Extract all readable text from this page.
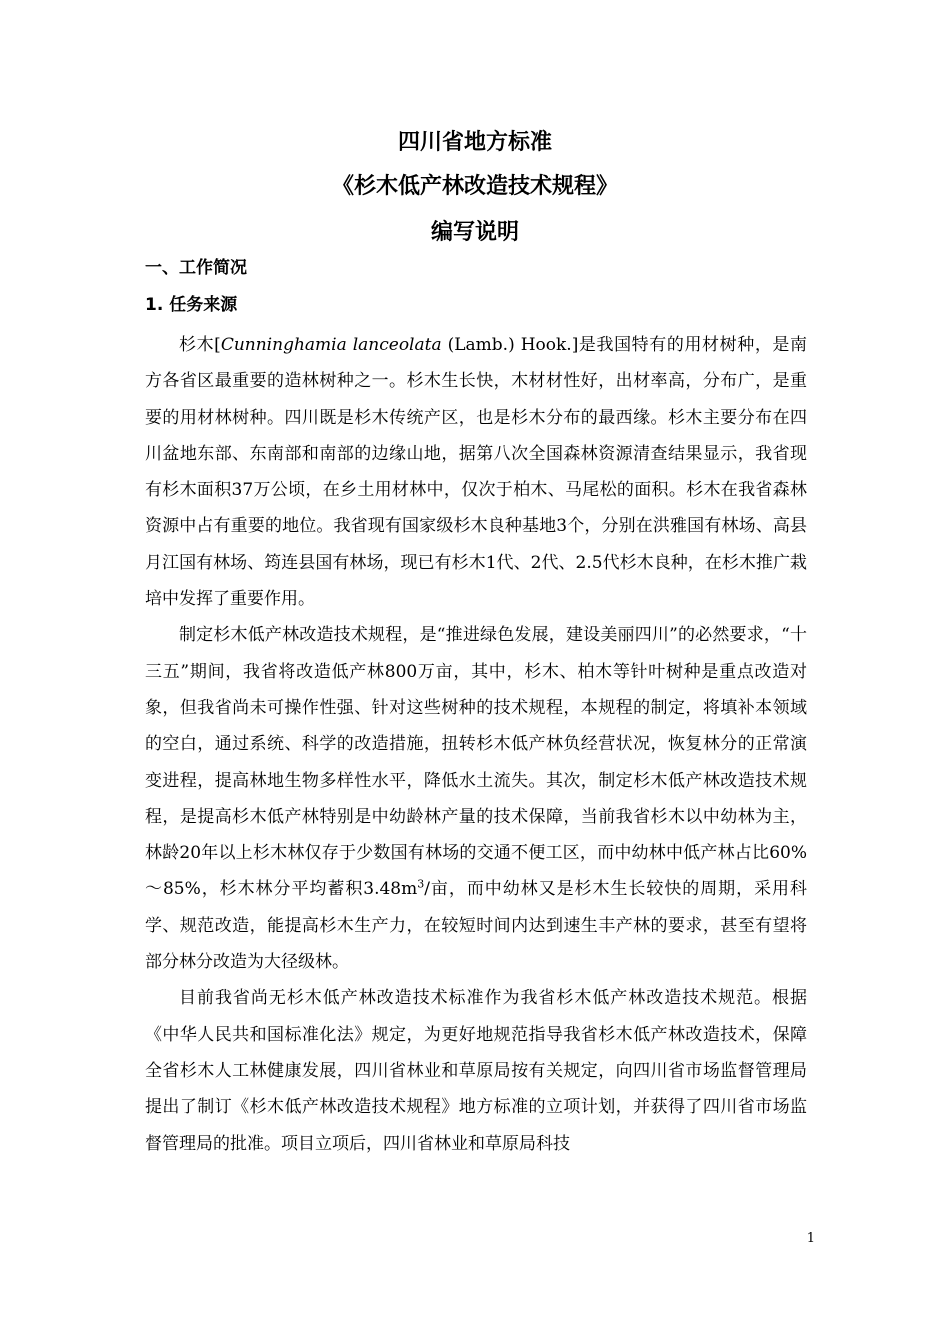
四川省地方标准
《杉木低产林改造技术规程》
编写说明
一、工作简况
1. 任务来源

杉木[Cunninghamia lanceolata (Lamb.) Hook.]是我国特有的用材树种，是南方各省区最重要的造林树种之一。杉木生长快，木材材性好，出材率高，分布广，是重要的用材林树种。四川既是杉木传统产区，也是杉木分布的最西缘。杉木主要分布在四川盆地东部、东南部和南部的边缘山地，据第八次全国森林资源清查结果显示，我省现有杉木面积37万公顷，在乡土用材林中，仅次于柏木、马尾松的面积。杉木在我省森林资源中占有重要的地位。我省现有国家级杉木良种基地3个，分别在洪雅国有林场、高县月江国有林场、筠连县国有林场，现已有杉木1代、2代、2.5代杉木良种，在杉木推广栽培中发挥了重要作用。

制定杉木低产林改造技术规程，是“推进绿色发展，建设美丽四川”的必然要求，“十三五”期间，我省将改造低产林800万亩，其中，杉木、柏木等针叶树种是重点改造对象，但我省尚未可操作性强、针对这些树种的技术规程，本规程的制定，将填补本领域的空白，通过系统、科学的改造措施，扭转杉木低产林负经营状况，恢复林分的正常演变进程，提高林地生物多样性水平，降低水土流失。其次，制定杉木低产林改造技术规程，是提高杉木低产林特别是中幼龄林产量的技术保障，当前我省杉木以中幼林为主，林龄20年以上杉木林仅存于少数国有林场的交通不便工区，而中幼林中低产林占比60%～85%，杉木林分平均蓄积$3.48m^3/$亩，而中幼林又是杉木生长较快的周期，采用科学、规范改造，能提高杉木生产力，在较短时间内达到速生丰产林的要求，甚至有望将部分林分改造为大径级林。

目前我省尚无杉木低产林改造技术标准作为我省杉木低产林改造技术规范。根据《中华人民共和国标准化法》规定，为更好地规范指导我省杉木低产林改造技术，保障全省杉木人工林健康发展，四川省林业和草原局按有关规定，向四川省市场监督管理局提出了制订《杉木低产林改造技术规程》地方标准的立项计划，并获得了四川省市场监督管理局的批准。项目立项后，四川省林业和草原局科技

1
